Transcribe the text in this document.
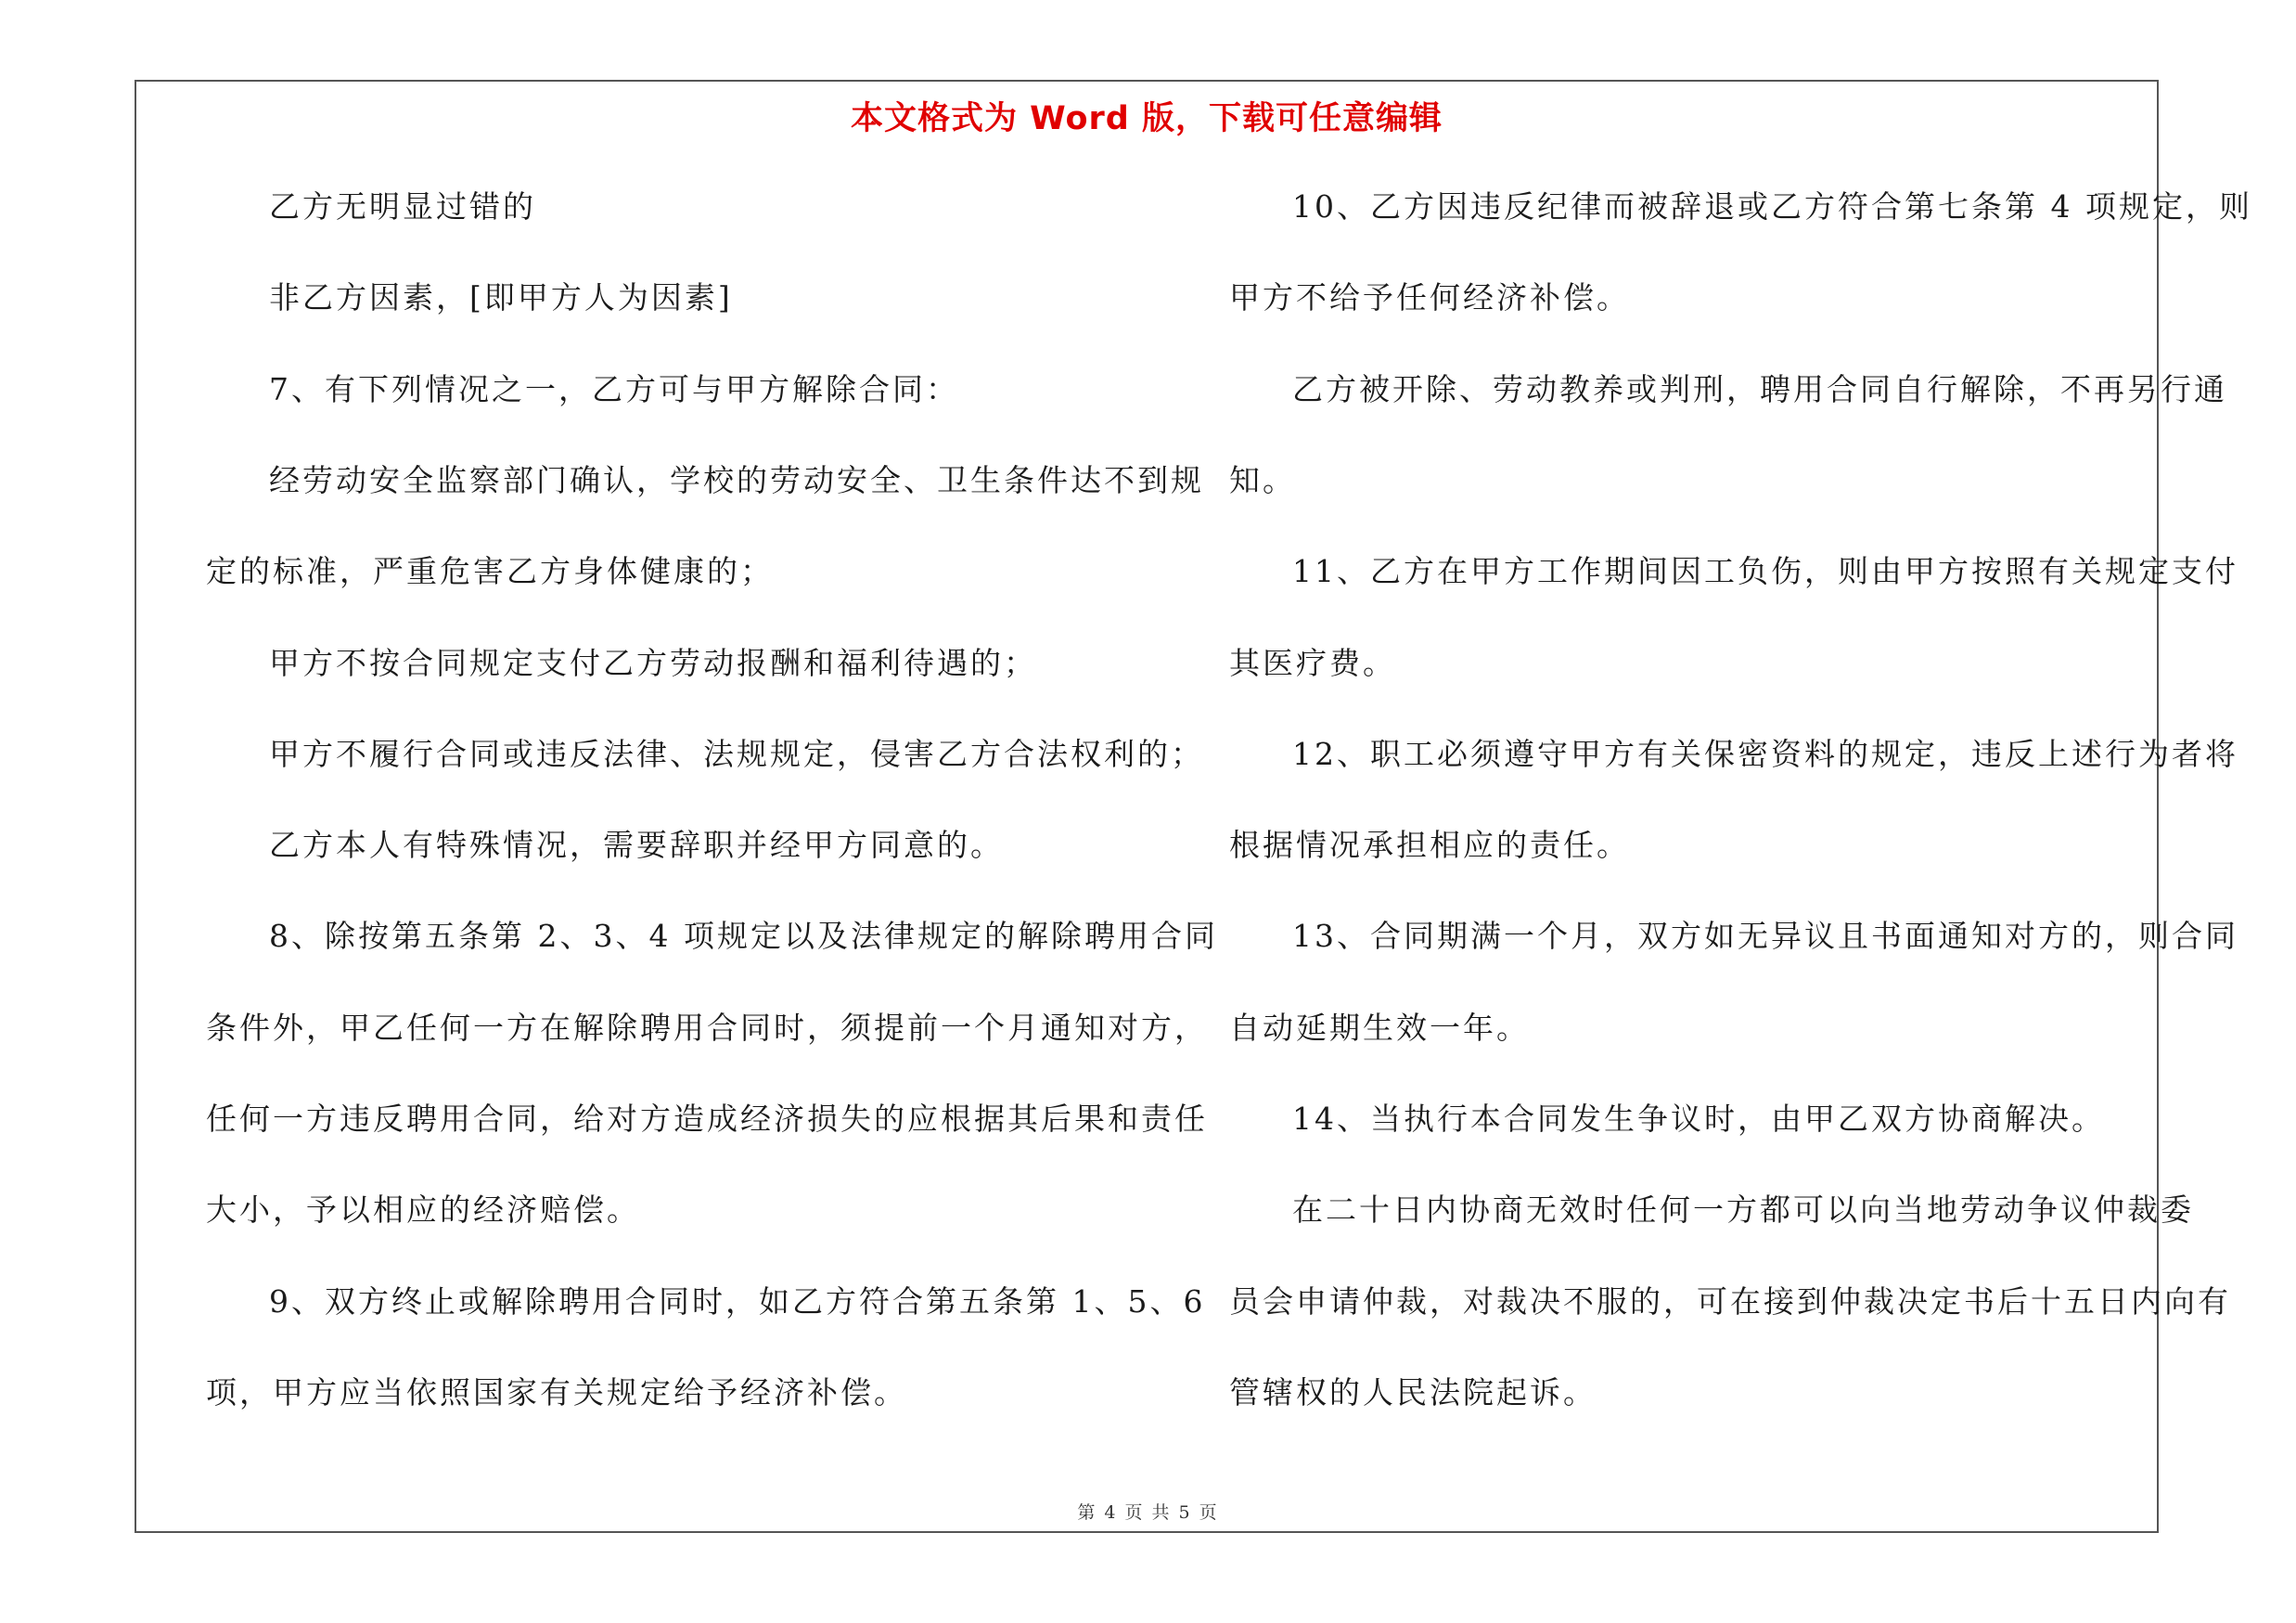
本文格式为 Word 版，下载可任意编辑
乙方无明显过错的
非乙方因素，[即甲方人为因素]
7、有下列情况之一，乙方可与甲方解除合同：
经劳动安全监察部门确认，学校的劳动安全、卫生条件达不到规
定的标准，严重危害乙方身体健康的；
甲方不按合同规定支付乙方劳动报酬和福利待遇的；
甲方不履行合同或违反法律、法规规定，侵害乙方合法权利的；
乙方本人有特殊情况，需要辞职并经甲方同意的。
8、除按第五条第 2、3、4 项规定以及法律规定的解除聘用合同
条件外，甲乙任何一方在解除聘用合同时，须提前一个月通知对方，
任何一方违反聘用合同，给对方造成经济损失的应根据其后果和责任
大小，予以相应的经济赔偿。
9、双方终止或解除聘用合同时，如乙方符合第五条第 1、5、6
项，甲方应当依照国家有关规定给予经济补偿。
10、乙方因违反纪律而被辞退或乙方符合第七条第 4 项规定，则
甲方不给予任何经济补偿。
乙方被开除、劳动教养或判刑，聘用合同自行解除，不再另行通
知。
11、乙方在甲方工作期间因工负伤，则由甲方按照有关规定支付
其医疗费。
12、职工必须遵守甲方有关保密资料的规定，违反上述行为者将
根据情况承担相应的责任。
13、合同期满一个月，双方如无异议且书面通知对方的，则合同
自动延期生效一年。
14、当执行本合同发生争议时，由甲乙双方协商解决。
在二十日内协商无效时任何一方都可以向当地劳动争议仲裁委
员会申请仲裁，对裁决不服的，可在接到仲裁决定书后十五日内向有
管辖权的人民法院起诉。
第 4 页 共 5 页
